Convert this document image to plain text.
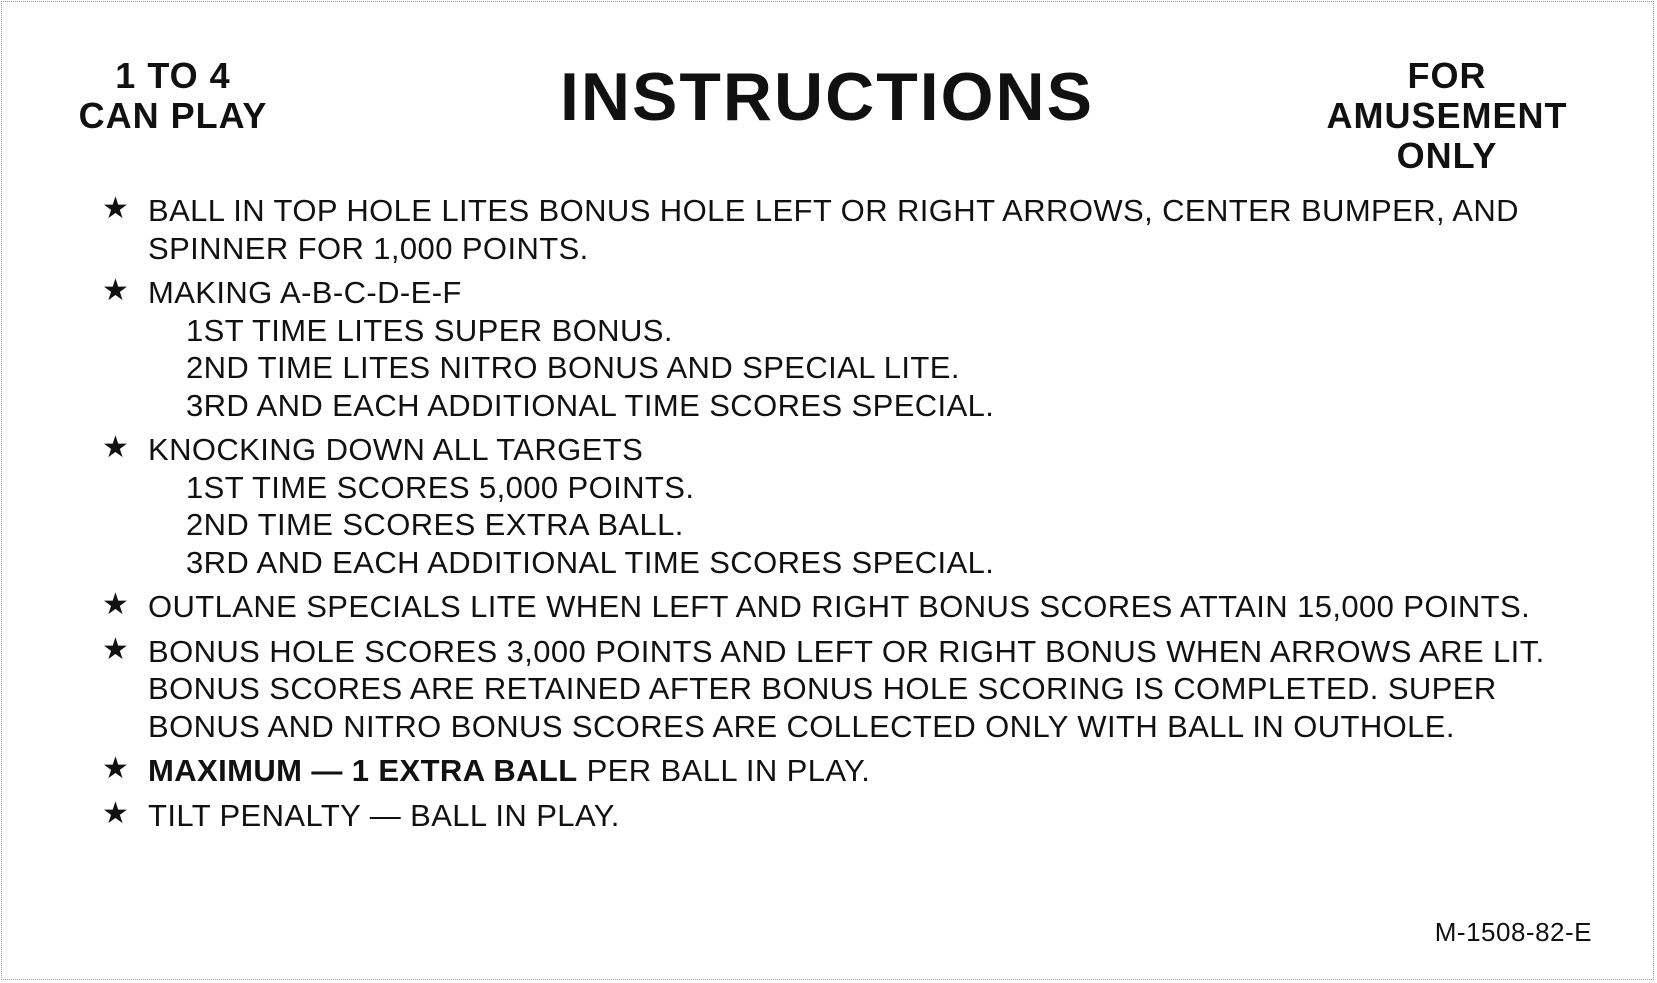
1 TO 4
CAN PLAY	INSTRUCTIONS	FOR
AMUSEMENT
ONLY
★ BALL IN TOP HOLE LITES BONUS HOLE LEFT OR RIGHT ARROWS, CENTER BUMPER, AND SPINNER FOR 1,000 POINTS.
★ MAKING A-B-C-D-E-F
1ST TIME LITES SUPER BONUS.
2ND TIME LITES NITRO BONUS AND SPECIAL LITE.
3RD AND EACH ADDITIONAL TIME SCORES SPECIAL.
★ KNOCKING DOWN ALL TARGETS
1ST TIME SCORES 5,000 POINTS.
2ND TIME SCORES EXTRA BALL.
3RD AND EACH ADDITIONAL TIME SCORES SPECIAL.
★ OUTLANE SPECIALS LITE WHEN LEFT AND RIGHT BONUS SCORES ATTAIN 15,000 POINTS.
★ BONUS HOLE SCORES 3,000 POINTS AND LEFT OR RIGHT BONUS WHEN ARROWS ARE LIT. BONUS SCORES ARE RETAINED AFTER BONUS HOLE SCORING IS COMPLETED. SUPER BONUS AND NITRO BONUS SCORES ARE COLLECTED ONLY WITH BALL IN OUTHOLE.
★ MAXIMUM — 1 EXTRA BALL PER BALL IN PLAY.
★ TILT PENALTY — BALL IN PLAY.
M-1508-82-E
